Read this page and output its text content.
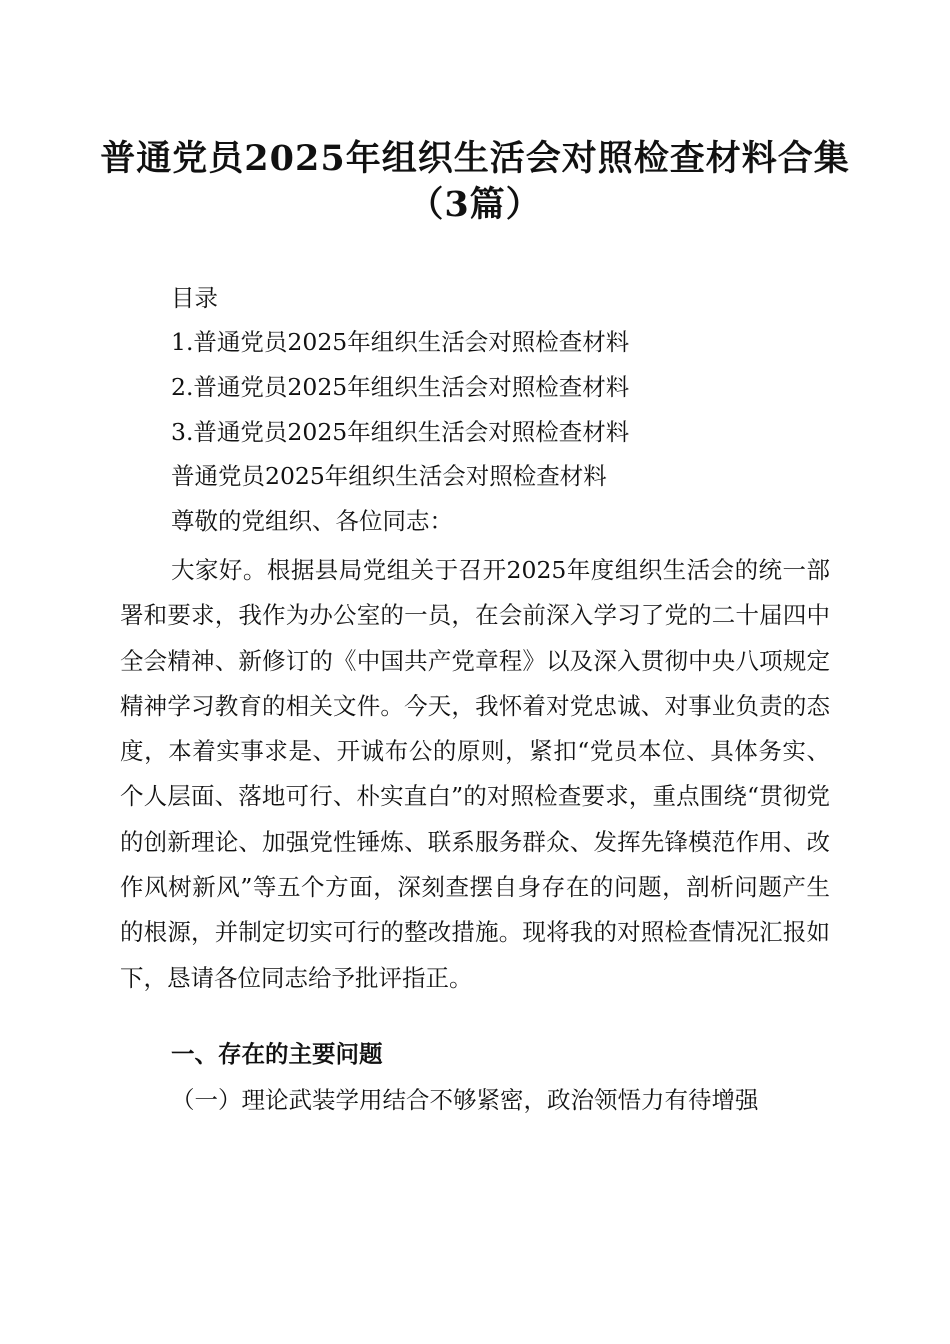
普通党员2025年组织生活会对照检查材料合集（3篇）

目录

1.普通党员2025年组织生活会对照检查材料

2.普通党员2025年组织生活会对照检查材料

3.普通党员2025年组织生活会对照检查材料

普通党员2025年组织生活会对照检查材料

尊敬的党组织、各位同志：

大家好。根据县局党组关于召开2025年度组织生活会的统一部署和要求，我作为办公室的一员，在会前深入学习了党的二十届四中全会精神、新修订的《中国共产党章程》以及深入贯彻中央八项规定精神学习教育的相关文件。今天，我怀着对党忠诚、对事业负责的态度，本着实事求是、开诚布公的原则，紧扣“党员本位、具体务实、个人层面、落地可行、朴实直白”的对照检查要求，重点围绕“贯彻党的创新理论、加强党性锤炼、联系服务群众、发挥先锋模范作用、改作风树新风”等五个方面，深刻查摆自身存在的问题，剖析问题产生的根源，并制定切实可行的整改措施。现将我的对照检查情况汇报如下，恳请各位同志给予批评指正。

一、存在的主要问题

（一）理论武装学用结合不够紧密，政治领悟力有待增强
